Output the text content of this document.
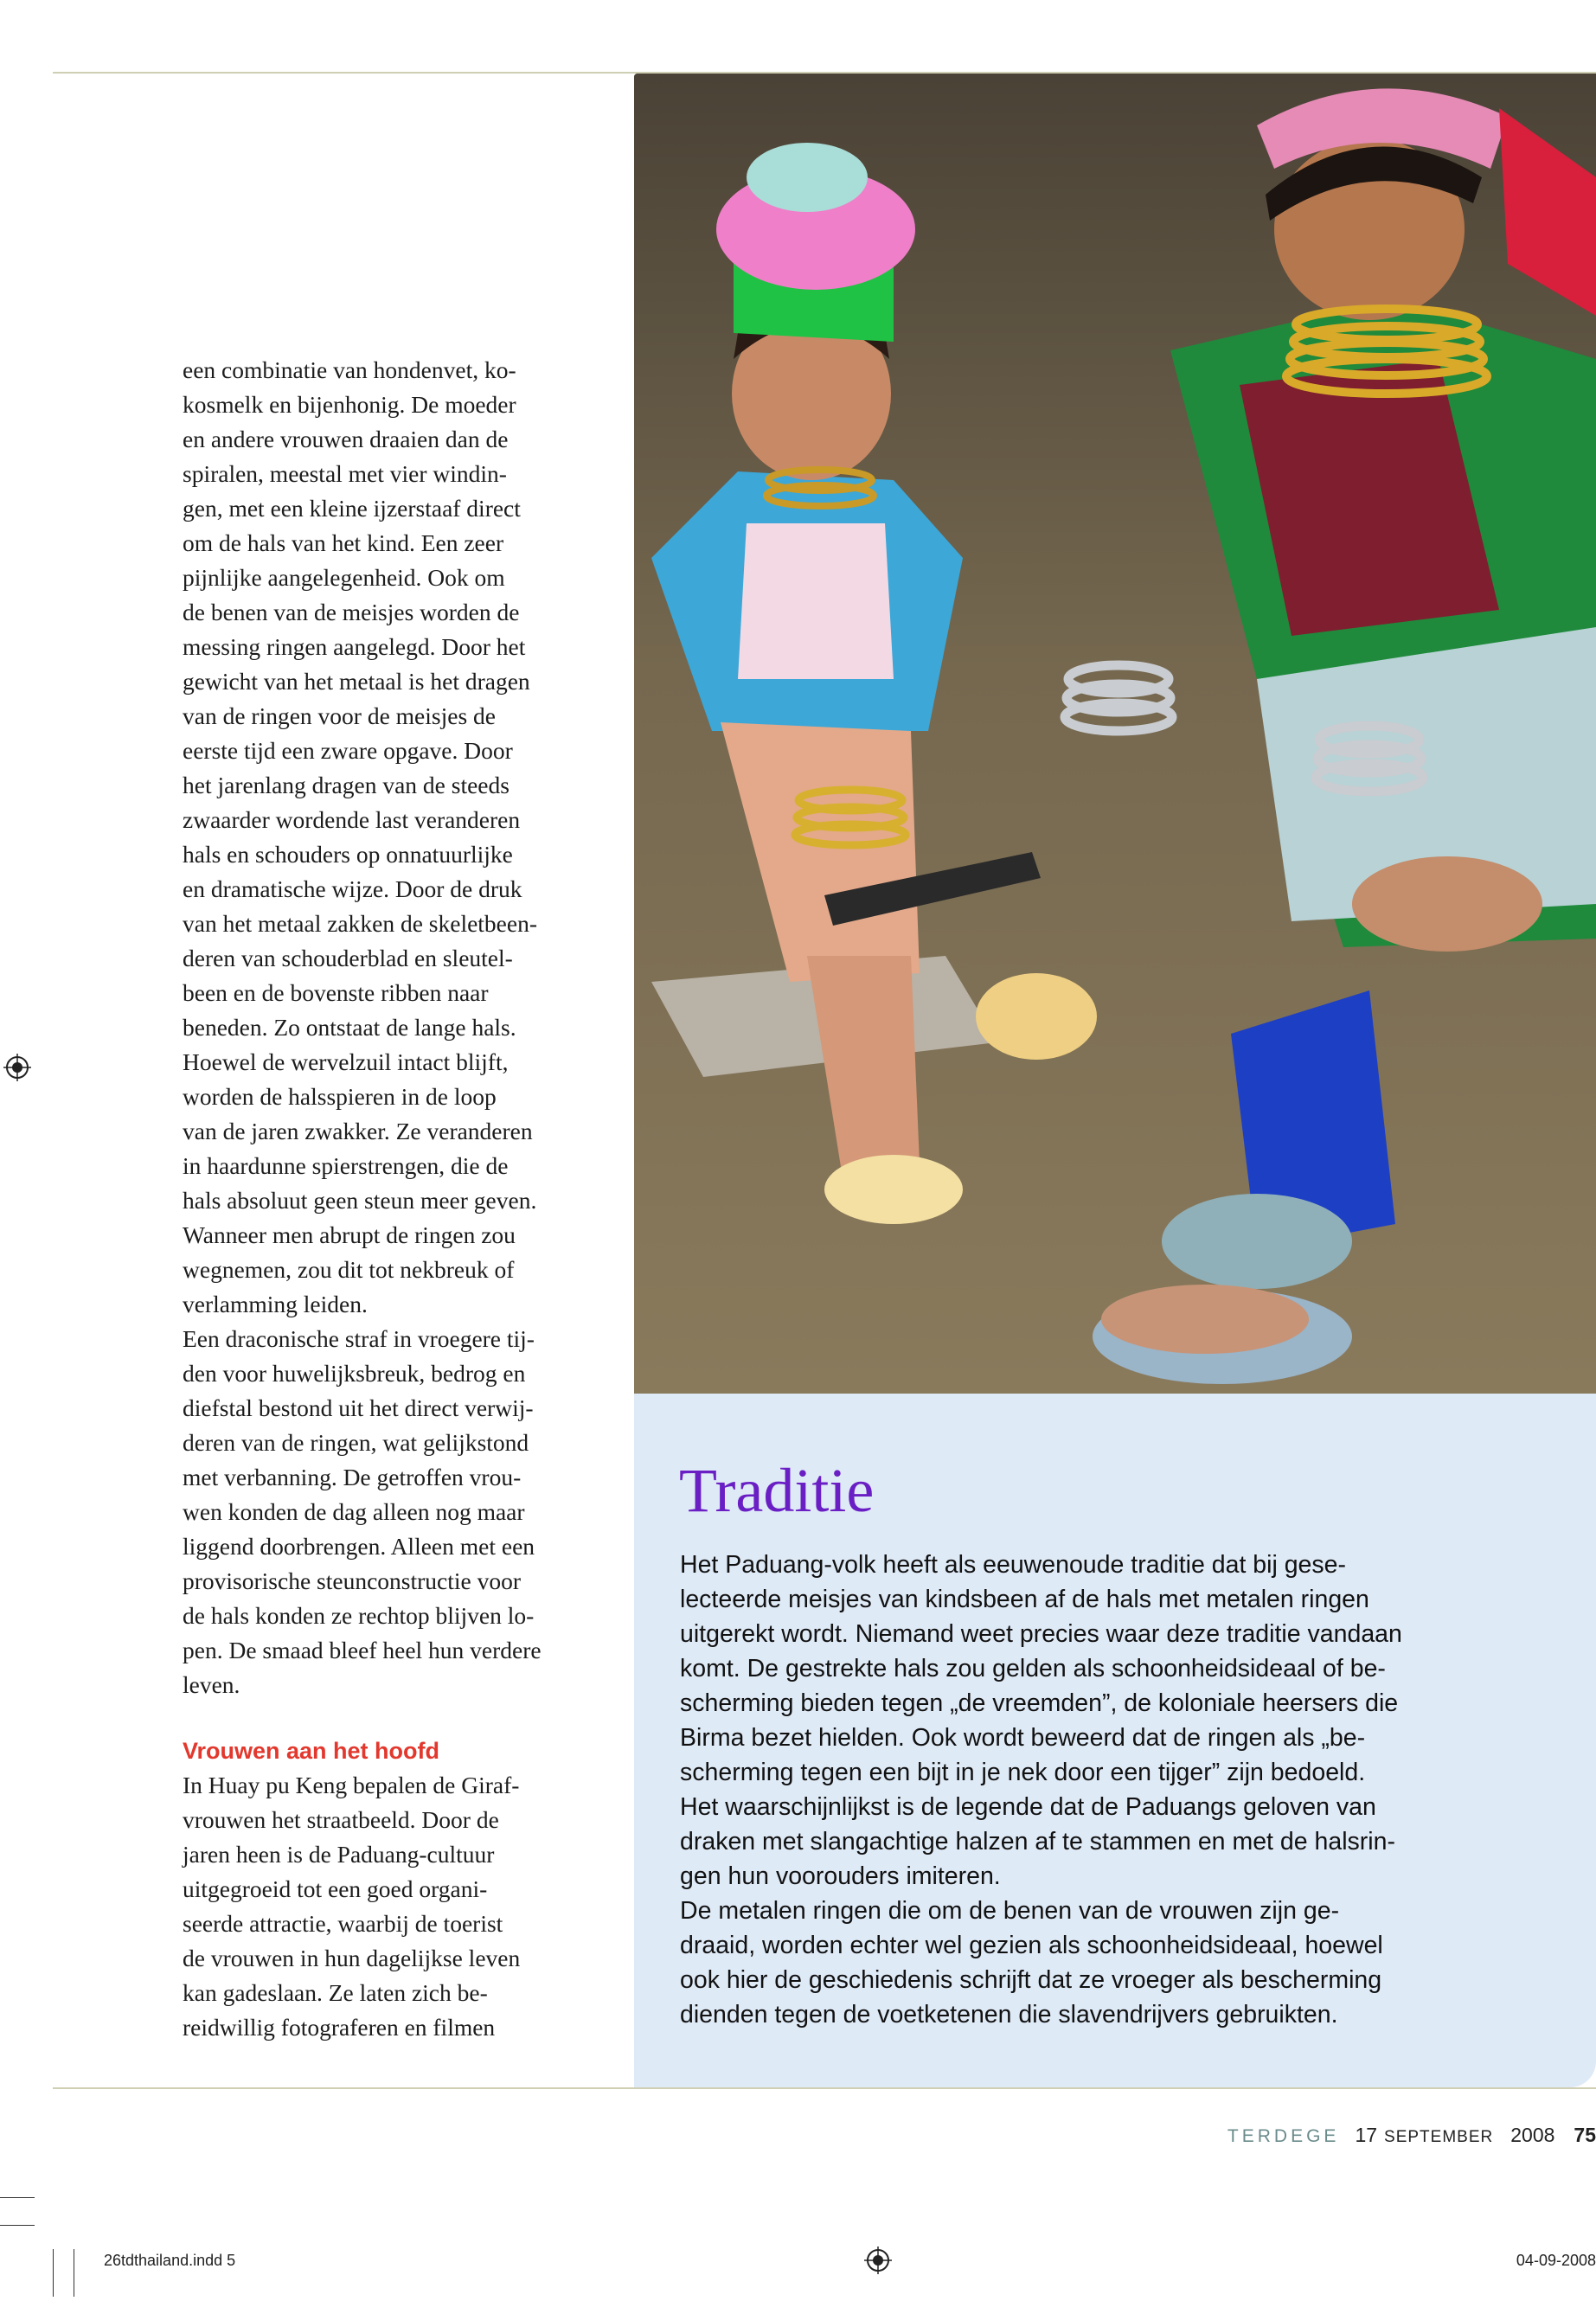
een combinatie van hondenvet, ko-
kosmelk en bijenhonig. De moeder
en andere vrouwen draaien dan de
spiralen, meestal met vier windin-
gen, met een kleine ijzerstaaf direct
om de hals van het kind. Een zeer
pijnlijke aangelegenheid. Ook om
de benen van de meisjes worden de
messing ringen aangelegd. Door het
gewicht van het metaal is het dragen
van de ringen voor de meisjes de
eerste tijd een zware opgave. Door
het jarenlang dragen van de steeds
zwaarder wordende last veranderen
hals en schouders op onnatuurlijke
en dramatische wijze. Door de druk
van het metaal zakken de skeletbeen-
deren van schouderblad en sleutel-
been en de bovenste ribben naar
beneden. Zo ontstaat de lange hals.
Hoewel de wervelzuil intact blijft,
worden de halsspieren in de loop
van de jaren zwakker. Ze veranderen
in haardunne spierstrengen, die de
hals absoluut geen steun meer geven.
Wanneer men abrupt de ringen zou
wegnemen, zou dit tot nekbreuk of
verlamming leiden.
Een draconische straf in vroegere tij-
den voor huwelijksbreuk, bedrog en
diefstal bestond uit het direct verwij-
deren van de ringen, wat gelijkstond
met verbanning. De getroffen vrou-
wen konden de dag alleen nog maar
liggend doorbrengen. Alleen met een
provisorische steunconstructie voor
de hals konden ze rechtop blijven lo-
pen. De smaad bleef heel hun verdere
leven.
Vrouwen aan het hoofd
In Huay pu Keng bepalen de Giraf-
vrouwen het straatbeeld. Door de
jaren heen is de Paduang-cultuur
uitgegroeid tot een goed organi-
seerde attractie, waarbij de toerist
de vrouwen in hun dagelijkse leven
kan gadeslaan. Ze laten zich be-
reidwillig fotograferen en filmen
Traditie
Het Paduang-volk heeft als eeuwenoude traditie dat bij gese-
lecteerde meisjes van kindsbeen af de hals met metalen ringen
uitgerekt wordt. Niemand weet precies waar deze traditie vandaan
komt. De gestrekte hals zou gelden als schoonheidsideaal of be-
scherming bieden tegen „de vreemden”, de koloniale heersers die
Birma bezet hielden. Ook wordt beweerd dat de ringen als „be-
scherming tegen een bijt in je nek door een tijger” zijn bedoeld.
Het waarschijnlijkst is de legende dat de Paduangs geloven van
draken met slangachtige halzen af te stammen en met de halsrin-
gen hun voorouders imiteren.
De metalen ringen die om de benen van de vrouwen zijn ge-
draaid, worden echter wel gezien als schoonheidsideaal, hoewel
ook hier de geschiedenis schrijft dat ze vroeger als bescherming
dienden tegen de voetketenen die slavendrijvers gebruikten.
TERDEGE 17 SEPTEMBER 2008 75
26tdthailand.indd 5	04-09-2008
